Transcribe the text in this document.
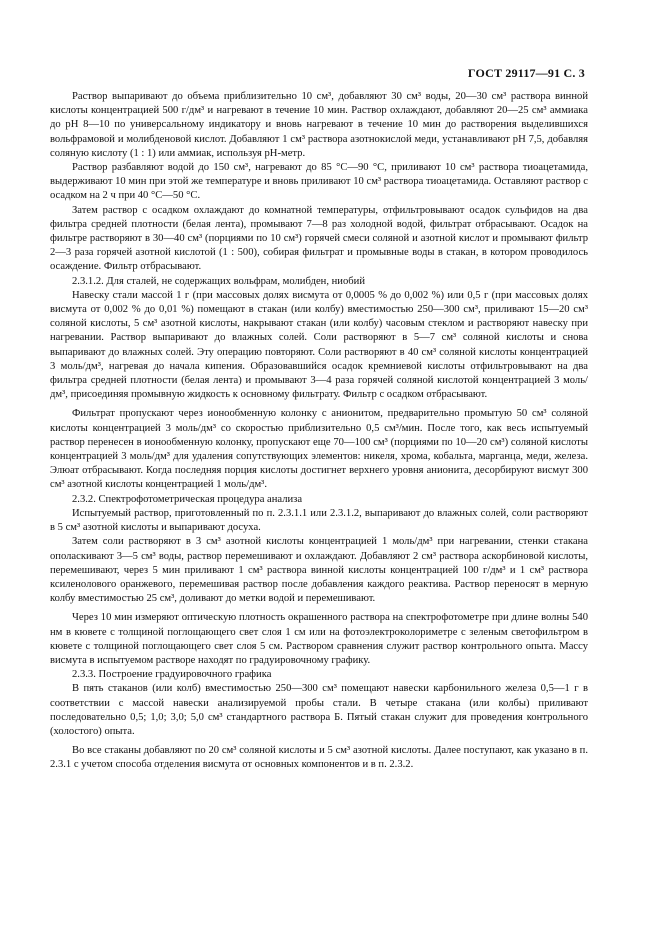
ГОСТ 29117—91 С. 3

Раствор выпаривают до объема приблизительно 10 см³, добавляют 30 см³ воды, 20—30 см³ раствора винной кислоты концентрацией 500 г/дм³ и нагревают в течение 10 мин. Раствор охлаждают, добавляют 20—25 см³ аммиака до pH 8—10 по универсальному индикатору и вновь нагревают в течение 10 мин до растворения выделившихся вольфрамовой и молибденовой кислот. Добавляют 1 см³ раствора азотнокислой меди, устанавливают pH 7,5, добавляя соляную кислоту (1 : 1) или аммиак, используя pH-метр.

Раствор разбавляют водой до 150 см³, нагревают до 85 °С—90 °С, приливают 10 см³ раствора тиоацетамида, выдерживают 10 мин при этой же температуре и вновь приливают 10 см³ раствора тиоацетамида. Оставляют раствор с осадком на 2 ч при 40 °С—50 °С.

Затем раствор с осадком охлаждают до комнатной температуры, отфильтровывают осадок сульфидов на два фильтра средней плотности (белая лента), промывают 7—8 раз холодной водой, фильтрат отбрасывают. Осадок на фильтре растворяют в 30—40 см³ (порциями по 10 см³) горячей смеси соляной и азотной кислот и промывают фильтр 2—3 раза горячей азотной кислотой (1 : 500), собирая фильтрат и промывные воды в стакан, в котором проводилось осаждение. Фильтр отбрасывают.

2.3.1.2. Для сталей, не содержащих вольфрам, молибден, ниобий

Навеску стали массой 1 г (при массовых долях висмута от 0,0005 % до 0,002 %) или 0,5 г (при массовых долях висмута от 0,002 % до 0,01 %) помещают в стакан (или колбу) вместимостью 250—300 см³, приливают 15—20 см³ соляной кислоты, 5 см³ азотной кислоты, накрывают стакан (или колбу) часовым стеклом и растворяют навеску при нагревании. Раствор выпаривают до влажных солей. Соли растворяют в 5—7 см³ соляной кислоты и снова выпаривают до влажных солей. Эту операцию повторяют. Соли растворяют в 40 см³ соляной кислоты концентрацией 3 моль/дм³, нагревая до начала кипения. Образовавшийся осадок кремниевой кислоты отфильтровывают на два фильтра средней плотности (белая лента) и промывают 3—4 раза горячей соляной кислотой концентрацией 3 моль/дм³, присоединяя промывную жидкость к основному фильтрату. Фильтр с осадком отбрасывают.

Фильтрат пропускают через ионообменную колонку с анионитом, предварительно промытую 50 см³ соляной кислоты концентрацией 3 моль/дм³ со скоростью приблизительно 0,5 см³/мин. После того, как весь испытуемый раствор перенесен в ионообменную колонку, пропускают еще 70—100 см³ (порциями по 10—20 см³) соляной кислоты концентрацией 3 моль/дм³ для удаления сопутствующих элементов: никеля, хрома, кобальта, марганца, меди, железа. Элюат отбрасывают. Когда последняя порция кислоты достигнет верхнего уровня анионита, десорбируют висмут 300 см³ азотной кислоты концентрацией 1 моль/дм³.

2.3.2. Спектрофотометрическая процедура анализа

Испытуемый раствор, приготовленный по п. 2.3.1.1 или 2.3.1.2, выпаривают до влажных солей, соли растворяют в 5 см³ азотной кислоты и выпаривают досуха.

Затем соли растворяют в 3 см³ азотной кислоты концентрацией 1 моль/дм³ при нагревании, стенки стакана ополаскивают 3—5 см³ воды, раствор перемешивают и охлаждают. Добавляют 2 см³ раствора аскорбиновой кислоты, перемешивают, через 5 мин приливают 1 см³ раствора винной кислоты концентрацией 100 г/дм³ и 1 см³ раствора ксиленолового оранжевого, перемешивая раствор после добавления каждого реактива. Раствор переносят в мерную колбу вместимостью 25 см³, доливают до метки водой и перемешивают.

Через 10 мин измеряют оптическую плотность окрашенного раствора на спектрофотометре при длине волны 540 нм в кювете с толщиной поглощающего свет слоя 1 см или на фотоэлектроколориметре с зеленым светофильтром в кювете с толщиной поглощающего свет слоя 5 см. Раствором сравнения служит раствор контрольного опыта. Массу висмута в испытуемом растворе находят по градуировочному графику.

2.3.3. Построение градуировочного графика

В пять стаканов (или колб) вместимостью 250—300 см³ помещают навески карбонильного железа 0,5—1 г в соответствии с массой навески анализируемой пробы стали. В четыре стакана (или колбы) приливают последовательно 0,5; 1,0; 3,0; 5,0 см³ стандартного раствора Б. Пятый стакан служит для проведения контрольного (холостого) опыта.

Во все стаканы добавляют по 20 см³ соляной кислоты и 5 см³ азотной кислоты. Далее поступают, как указано в п. 2.3.1 с учетом способа отделения висмута от основных компонентов и в п. 2.3.2.
